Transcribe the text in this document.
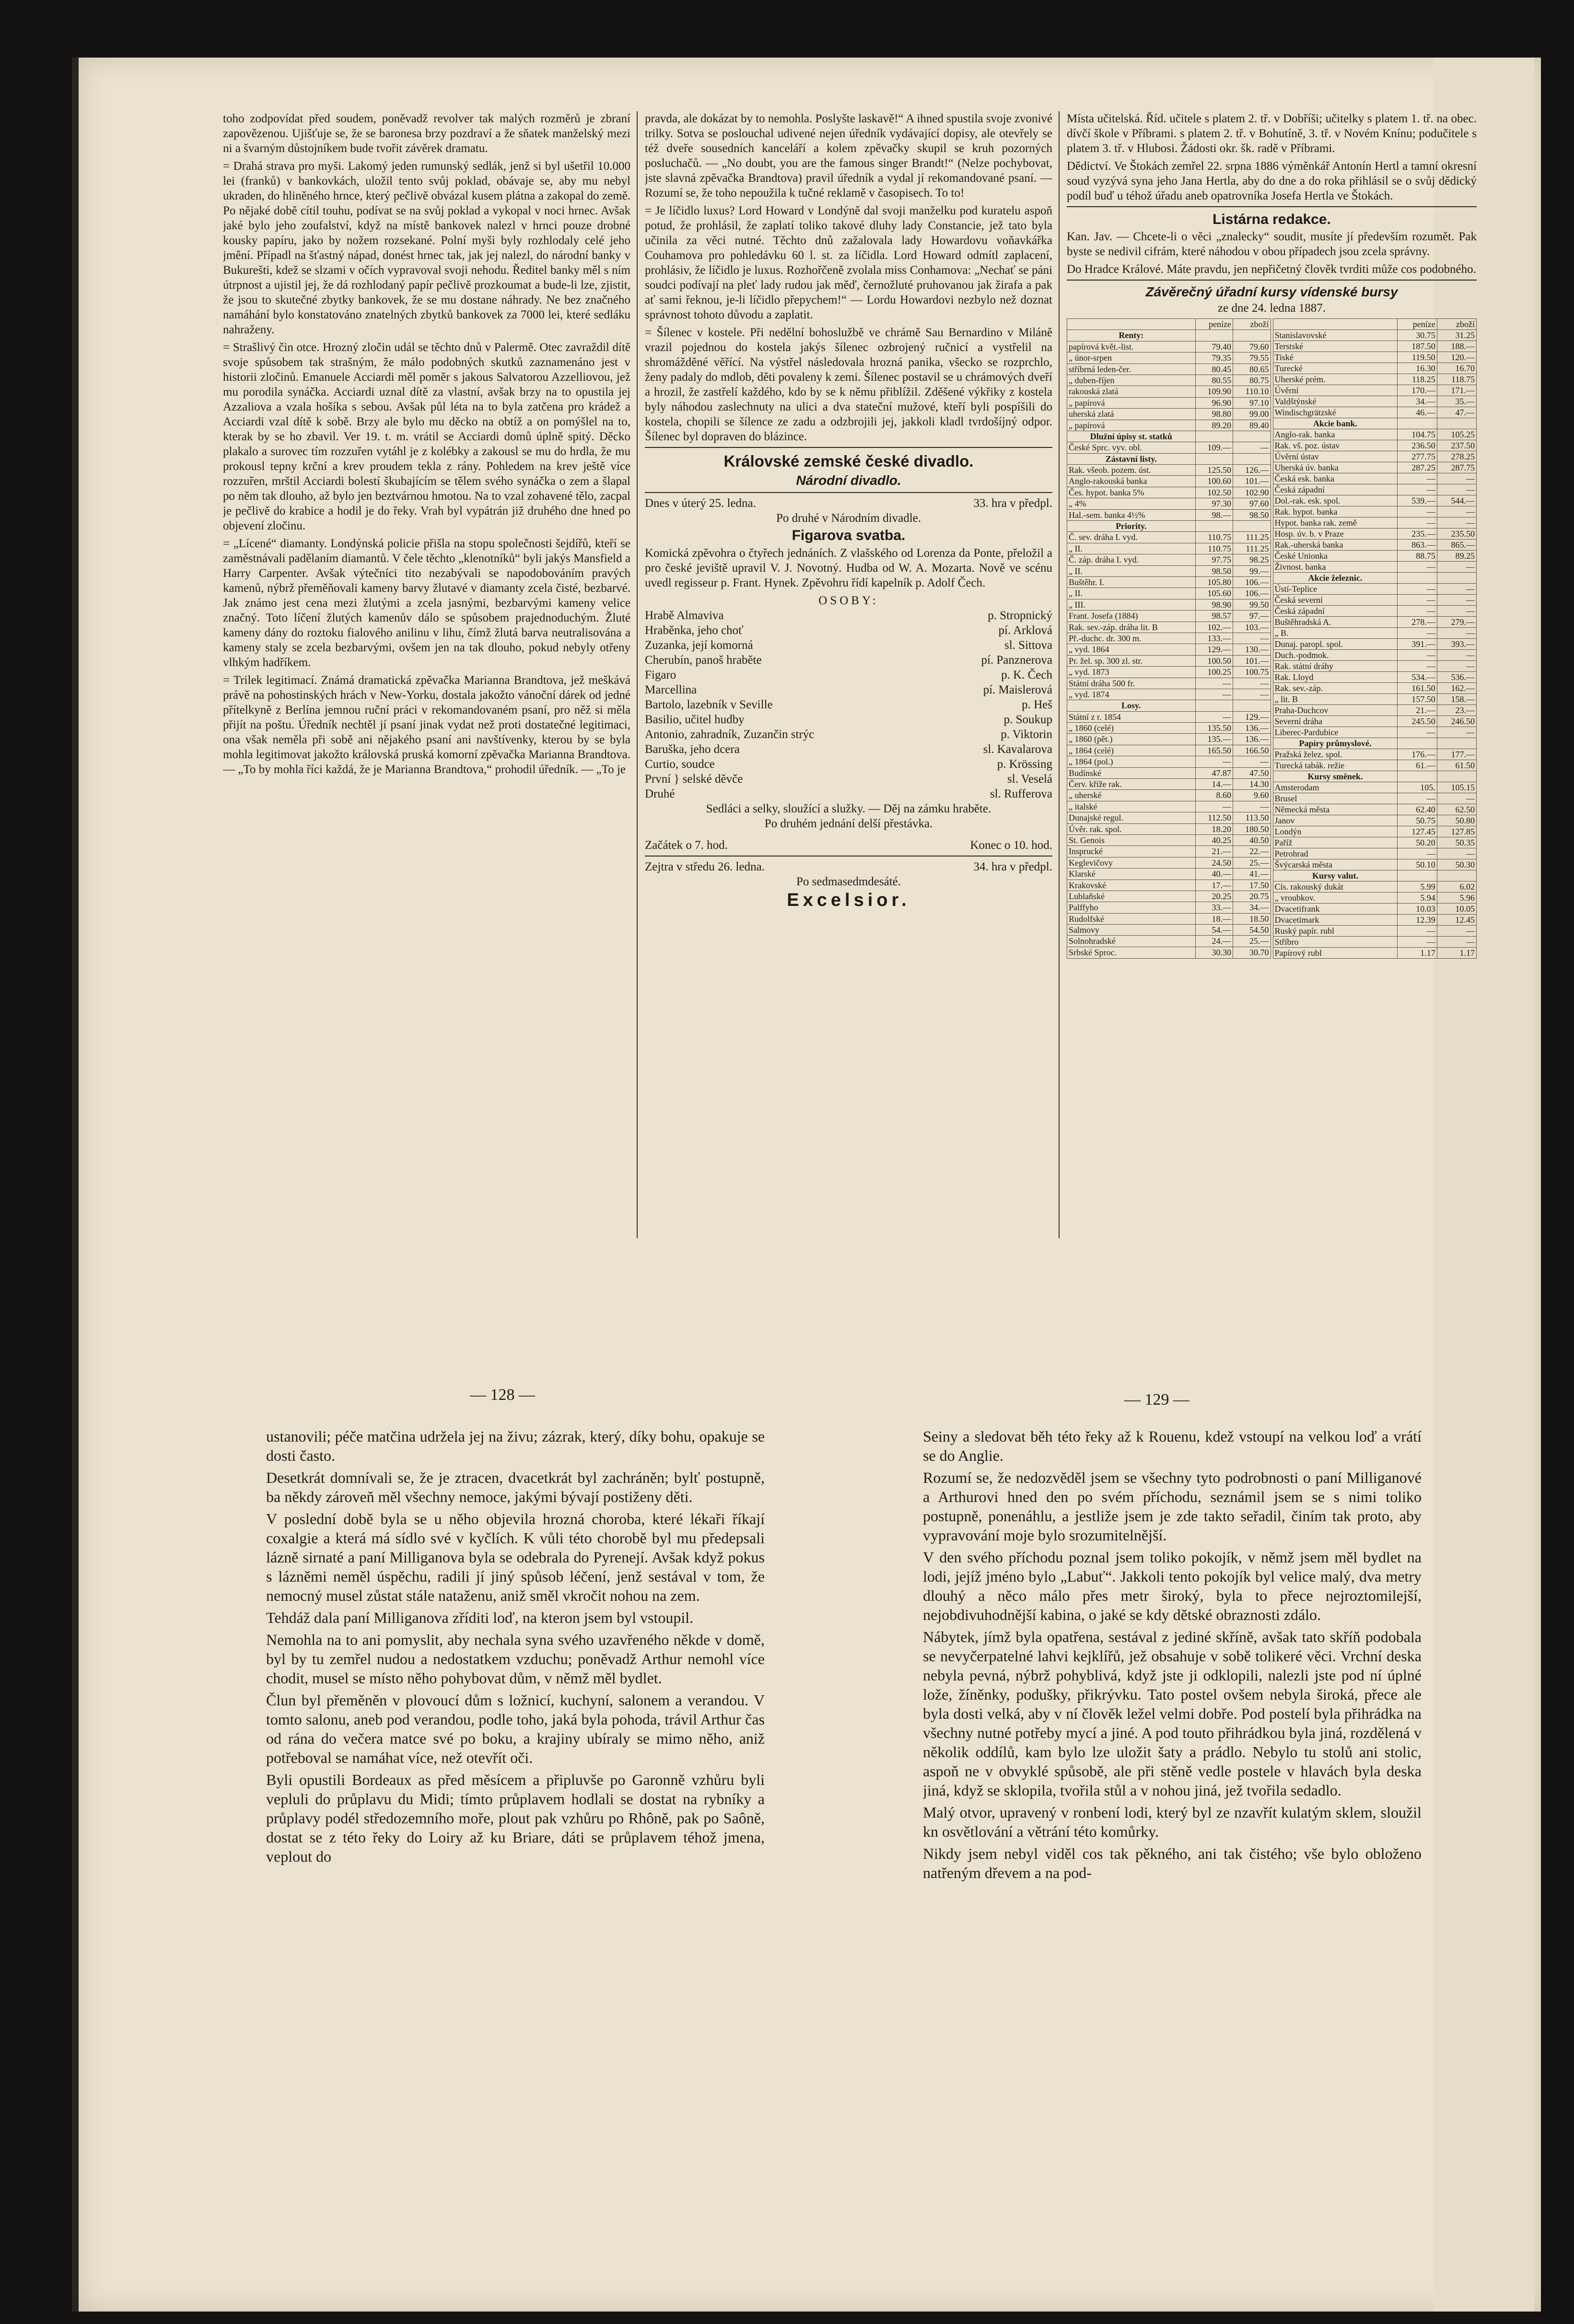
toho zodpovídat před soudem, poněvadž revolver tak malých rozměrů je zbraní zapovězenou. Ujišťuje se, že se baronesa brzy pozdraví a že sňatek manželský mezi ni a švarným důstojníkem bude tvořit závěrek dramatu.

= Drahá strava pro myši. Lakomý jeden rumunský sedlák, jenž si byl ušetřil 10.000 lei (franků) v bankovkách, uložil tento svůj poklad, obávaje se, aby mu nebyl ukraden, do hliněného hrnce, který pečlivě obvázal kusem plátna a zakopal do země. Po nějaké době cítil touhu, podívat se na svůj poklad a vykopal v noci hrnec. Avšak jaké bylo jeho zoufalství, když na místě bankovek nalezl v hrnci pouze drobné kousky papíru, jako by nožem rozsekané. Polní myši byly rozhlodaly celé jeho jmění. Případl na šťastný nápad, donést hrnec tak, jak jej nalezl, do národní banky v Bukurešti, kdež se slzami v očích vypravoval svoji nehodu. Ředitel banky měl s ním útrpnost a ujistil jej, že dá rozhlodaný papír pečlivě prozkoumat a bude-li lze, zjistit, že jsou to skutečné zbytky bankovek, že se mu dostane náhrady. Ne bez značného namáhání bylo konstatováno znatelných zbytků bankovek za 7000 lei, které sedláku nahraženy.

= Strašlivý čin otce. Hrozný zločin udál se těchto dnů v Palermě. Otec zavraždil dítě svoje spůsobem tak strašným, že málo podobných skutků zaznamenáno jest v historii zločinů. Emanuele Acciardi měl poměr s jakous Salvatorou Azzelliovou, jež mu porodila synáčka. Acciardi uznal dítě za vlastní, avšak brzy na to opustila jej Azzaliova a vzala hošíka s sebou. Avšak půl léta na to byla zatčena pro krádež a Acciardi vzal dítě k sobě. Brzy ale bylo mu děcko na obtíž a on pomýšlel na to, kterak by se ho zbavil. Ver 19. t. m. vrátil se Acciardi domů úplně spitý. Děcko plakalo a surovec tím rozzuřen vytáhl je z kolébky a zakousl se mu do hrdla, že mu prokousl tepny krční a krev proudem tekla z rány. Pohledem na krev ještě více rozzuřen, mrštil Acciardi bolestí škubajícím se tělem svého synáčka o zem a šlapal po něm tak dlouho, až bylo jen beztvárnou hmotou. Na to vzal zohavené tělo, zacpal je pečlivě do krabice a hodil je do řeky. Vrah byl vypátrán již druhého dne hned po objevení zločinu.

= „Lícené“ diamanty. Londýnská policie přišla na stopu společnosti šejdířů, kteří se zaměstnávali padělaním diamantů. V čele těchto „klenotníků“ byli jakýs Mansfield a Harry Carpenter. Avšak výtečníci tito nezabývali se napodobováním pravých kamenů, nýbrž přeměňovali kameny barvy žlutavé v diamanty zcela čisté, bezbarvé. Jak známo jest cena mezi žlutými a zcela jasnými, bezbarvými kameny velice značný. Toto líčení žlutých kamenův dálo se spůsobem prajednoduchým. Žluté kameny dány do roztoku fialového anilinu v lihu, čímž žlutá barva neutralisována a kameny staly se zcela bezbarvými, ovšem jen na tak dlouho, pokud nebyly otřeny vlhkým hadříkem.

= Trilek legitimací. Známá dramatická zpěvačka Marianna Brandtova, jež meškává právě na pohostinských hrách v New-Yorku, dostala jakožto vánoční dárek od jedné přítelkyně z Berlína jemnou ruční práci v rekomandovaném psaní, pro něž si měla přijít na poštu. Úředník nechtěl jí psaní jinak vydat než proti dostatečné legitimaci, ona však neměla při sobě ani nějakého psaní ani navštívenky, kterou by se byla mohla legitimovat jakožto královská pruská komorní zpěvačka Marianna Brandtova. — „To by mohla říci každá, že je Marianna Brandtova,“ prohodil úředník. — „To je

pravda, ale dokázat by to nemohla. Poslyšte laskavě!“ A ihned spustila svoje zvonivé trilky. Sotva se poslouchal udivené nejen úředník vydávající dopisy, ale otevřely se též dveře sousedních kanceláří a kolem zpěvačky skupil se kruh pozorných posluchačů. — „No doubt, you are the famous singer Brandt!“ (Nelze pochybovat, jste slavná zpěvačka Brandtova) pravil úředník a vydal jí rekomandované psaní. — Rozumí se, že toho nepoužila k tučné reklamě v časopisech. To to!

= Je líčidlo luxus? Lord Howard v Londýně dal svoji manželku pod kuratelu aspoň potud, že prohlásil, že zaplatí toliko takové dluhy lady Constancie, jež tato byla učinila za věci nutné. Těchto dnů zažalovala lady Howardovu voňavkářka Couhamova pro pohledávku 60 l. st. za líčidla. Lord Howard odmítl zaplacení, prohlásiv, že líčidlo je luxus. Rozhořčeně zvolala miss Conhamova: „Nechať se páni soudci podívají na pleť lady rudou jak měď, černožluté pruhovanou jak žirafa a pak ať sami řeknou, je-li líčidlo přepychem!“ — Lordu Howardovi nezbylo než doznat správnost tohoto důvodu a zaplatit.

= Šílenec v kostele. Při nedělní bohoslužbě ve chrámě Sau Bernardino v Miláně vrazil pojednou do kostela jakýs šílenec ozbrojený ručnicí a vystřelil na shromážděné věřící. Na výstřel následovala hrozná panika, všecko se rozprchlo, ženy padaly do mdlob, děti povaleny k zemi. Šílenec postavil se u chrámových dveří a hrozil, že zastřelí každého, kdo by se k němu přiblížil. Zděšené výkřiky z kostela byly náhodou zaslechnuty na ulici a dva stateční mužové, kteří byli pospíšili do kostela, chopili se šílence ze zadu a odzbrojili jej, jakkoli kladl tvrdošíjný odpor. Šílenec byl dopraven do blázince.

Královské zemské české divadlo.
Národní divadlo.
Dnes v úterý 25. ledna.	33. hra v předpl.
Po druhé v Národním divadle.
Figarova svatba.

Komická zpěvohra o čtyřech jednáních. Z vlašského od Lorenza da Ponte, přeložil a pro české jeviště upravil V. J. Novotný. Hudba od W. A. Mozarta. Nově ve scénu uvedl regisseur p. Frant. Hynek. Zpěvohru řídí kapelník p. Adolf Čech.

OSOBY:
Hrabě Almaviva	p. Stropnický
Hraběnka, jeho choť	pí. Arklová
Zuzanka, její komorná	sl. Sittova
Cherubín, panoš hraběte	pí. Panznerova
Figaro	p. K. Čech
Marcellina	pí. Maislerová
Bartolo, lazebník v Seville	p. Heš
Basilio, učitel hudby	p. Soukup
Antonio, zahradník, Zuzančin strýc	p. Viktorin
Baruška, jeho dcera	sl. Kavalarova
Curtio, soudce	p. Krössing
První } selské děvče	sl. Veselá
Druhé	sl. Rufferova
Sedláci a selky, sloužící a služky. — Děj na zámku hraběte.
Po druhém jednání delší přestávka.
Začátek o 7. hod.	Konec o 10. hod.
Zejtra v středu 26. ledna.	34. hra v předpl.
Po sedmasedmdesáté.
Excelsior.

Místa učitelská. Říd. učitele s platem 2. tř. v Dobříši; učitelky s platem 1. tř. na obec. dívčí škole v Příbrami. s platem 2. tř. v Bohutíně, 3. tř. v Novém Knínu; podučitele s platem 3. tř. v Hlubosi. Žádosti okr. šk. radě v Příbrami.

Dědictví. Ve Štokách zemřel 22. srpna 1886 výměnkář Antonín Hertl a tamní okresní soud vyzývá syna jeho Jana Hertla, aby do dne a do roka přihlásil se o svůj dědický podíl buď u téhož úřadu aneb opatrovníka Josefa Hertla ve Štokách.

Listárna redakce.

Kan. Jav. — Chcete-li o věci „znalecky“ soudit, musíte jí především rozumět. Pak byste se nedivil cifrám, které náhodou v obou případech jsou zcela správny.

Do Hradce Králové. Máte pravdu, jen nepřičetný člověk tvrditi může cos podobného.

Závěrečný úřadní kursy vídenské bursy
ze dne 24. ledna 1887.
	peníze	zboží
Renty:		
papírová květ.-list.	79.40	79.60
„ únor-srpen	79.35	79.55
stříbrná leden-čer.	80.45	80.65
„ duben-říjen	80.55	80.75
rakouská zlatá	109.90	110.10
„ papírová	96.90	97.10
uherská zlatá	98.80	99.00
„ papírová	89.20	89.40
Dlužní úpisy st. statků		
České Sprc. vyv. obl.	109.—	—
Zástavní listy.		
Rak. všeob. pozem. úst.	125.50	126.—
Anglo-rakouská banka	100.60	101.—
Čes. hypot. banka 5%	102.50	102.90
„ 4%	97.30	97.60
Hal.-sem. banka 4½%	98.—	98.50
Priority.		
Č. sev. dráha I. vyd.	110.75	111.25
„ II.	110.75	111.25
Č. záp. dráha I. vyd.	97.75	98.25
„ II.	98.50	99.—
Buštěhr. I.	105.80	106.—
„ II.	105.60	106.—
„ III.	98.90	99.50
Frant. Josefa (1884)	98.57	97.—
Rak. sev.-záp. dráha lit. B	102.—	103.—
Př.-duchc. dr. 300 m.	133.—	—
„ vyd. 1864	129.—	130.—
Pr. žel. sp. 300 zl. str.	100.50	101.—
„ vyd. 1873	100.25	100.75
Státní dráha 500 fr.	—	—
„ vyd. 1874	—	—
Losy.		
Státní z r. 1854	—	129.—
„ 1860 (celé)	135.50	136.—
„ 1860 (pět.)	135.—	136.—
„ 1864 (celé)	165.50	166.50
„ 1864 (pol.)	—	—
Budínské	47.87	47.50
Červ. kříže rak.	14.—	14.30
„ uherské	8.60	9.60
„ italské	—	—
Dunajské regul.	112.50	113.50
Úvěr. rak. spol.	18.20	180.50
St. Genois	40.25	40.50
Insprucké	21.—	22.—
Keglevičovy	24.50	25.—
Klarské	40.—	41.—
Krakovské	17.—	17.50
Lublaňské	20.25	20.75
Palffyho	33.—	34.—
Rudolfské	18.—	18.50
Salmovy	54.—	54.50
Solnohradské	24.—	25.—
Srbské Sproc.	30.30	30.70
	peníze	zboží
Stanislavovské	30.75	31.25
Terstské	187.50	188.—
Tiské	119.50	120.—
Turecké	16.30	16.70
Uherské prém.	118.25	118.75
Úvěrní	170.—	171.—
Valdštýnské	34.—	35.—
Windischgrätzské	46.—	47.—
Akcie bank.		
Anglo-rak. banka	104.75	105.25
Rak. vš. poz. ústav	236.50	237.50
Úvěrní ústav	277.75	278.25
Uherská úv. banka	287.25	287.75
Česká esk. banka	—	—
Česká západní	—	—
Dol.-rak. esk. spol.	539.—	544.—
Rak. hypot. banka	—	—
Hypot. banka rak. země	—	—
Hosp. úv. b. v Praze	235.—	235.50
Rak.-uherská banka	863.—	865.—
České Unionka	88.75	89.25
Živnost. banka	—	—
Akcie železnic.		
Ústí-Teplice	—	—
Česká severní	—	—
Česká západní	—	—
Buštěhradská A.	278.—	279.—
„ B.	—	—
Dunaj. paropl. spol.	391.—	393.—
Duch.-podmok.	—	—
Rak. státní dráhy	—	—
Rak. Lloyd	534.—	536.—
Rak. sev.-záp.	161.50	162.—
„ lit. B	157.50	158.—
Praha-Duchcov	21.—	23.—
Severní dráha	245.50	246.50
Liberec-Pardubice	—	—
Papíry průmyslové.		
Pražská želez. spol.	176.—	177.—
Turecká tabák. režie	61.—	61.50
Kursy směnek.		
Amsterodam	105.	105.15
Brusel	—	—
Německá města	62.40	62.50
Janov	50.75	50.80
Londýn	127.45	127.85
Paříž	50.20	50.35
Petrohrad	—	—
Švýcarská města	50.10	50.30
Kursy valut.		
Cís. rakouský dukát	5.99	6.02
„ vroubkov.	5.94	5.96
Dvacetifrank	10.03	10.05
Dvacetimark	12.39	12.45
Ruský papír. rubl	—	—
Stříbro	—	—
Papírový rubl	1.17	1.17
— 128 —	— 129 —

ustanovili; péče matčina udržela jej na živu; zázrak, který, díky bohu, opakuje se dosti často.

Desetkrát domnívali se, že je ztracen, dvacetkrát byl zachráněn; bylť postupně, ba někdy zároveň měl všechny nemoce, jakými bývají postiženy děti.

V poslední době byla se u něho objevila hrozná choroba, které lékaři říkají coxalgie a která má sídlo své v kyčlích. K vůli této chorobě byl mu předepsali lázně sirnaté a paní Milliganova byla se odebrala do Pyrenejí. Avšak když pokus s lázněmi neměl úspěchu, radili jí jiný spůsob léčení, jenž sestával v tom, že nemocný musel zůstat stále nataženu, aniž směl vkročit nohou na zem.

Tehdáž dala paní Milliganova zříditi loď, na kteron jsem byl vstoupil.

Nemohla na to ani pomyslit, aby nechala syna svého uzavřeného někde v domě, byl by tu zemřel nudou a nedostatkem vzduchu; poněvadž Arthur nemohl více chodit, musel se místo něho pohybovat dům, v němž měl bydlet.

Člun byl přeměněn v plovoucí dům s ložnicí, kuchyní, salonem a verandou. V tomto salonu, aneb pod verandou, podle toho, jaká byla pohoda, trávil Arthur čas od rána do večera matce své po boku, a krajiny ubíraly se mimo něho, aniž potřeboval se namáhat více, než otevřít oči.

Byli opustili Bordeaux as před měsícem a připluvše po Garonně vzhůru byli vepluli do průplavu du Midi; tímto průplavem hodlali se dostat na rybníky a průplavy podél středozemního moře, plout pak vzhůru po Rhôně, pak po Saôně, dostat se z této řeky do Loiry až ku Briare, dáti se průplavem téhož jmena, veplout do

Seiny a sledovat běh této řeky až k Rouenu, kdež vstoupí na velkou loď a vrátí se do Anglie.

Rozumí se, že nedozvěděl jsem se všechny tyto podrobnosti o paní Milliganové a Arthurovi hned den po svém příchodu, seznámil jsem se s nimi toliko postupně, ponenáhlu, a jestliže jsem je zde takto seřadil, činím tak proto, aby vypravování moje bylo srozumitelnější.

V den svého příchodu poznal jsem toliko pokojík, v němž jsem měl bydlet na lodi, jejíž jméno bylo „Labuť“. Jakkoli tento pokojík byl velice malý, dva metry dlouhý a něco málo přes metr široký, byla to přece nejroztomilejší, nejobdivuhodnější kabina, o jaké se kdy dětské obraznosti zdálo.

Nábytek, jímž byla opatřena, sestával z jediné skříně, avšak tato skříň podobala se nevyčerpatelné lahvi kejklířů, jež obsahuje v sobě tolikeré věci. Vrchní deska nebyla pevná, nýbrž pohyblivá, když jste ji odklopili, nalezli jste pod ní úplné lože, žíněnky, podušky, přikrývku. Tato postel ovšem nebyla široká, přece ale byla dosti velká, aby v ní člověk ležel velmi dobře. Pod postelí byla přihrádka na všechny nutné potřeby mycí a jiné. A pod touto přihrádkou byla jiná, rozdělená v několik oddílů, kam bylo lze uložit šaty a prádlo. Nebylo tu stolů ani stolic, aspoň ne v obvyklé spůsobě, ale při stěně vedle postele v hlavách byla deska jiná, když se sklopila, tvořila stůl a v nohou jiná, jež tvořila sedadlo.

Malý otvor, upravený v ronbení lodi, který byl ze nzavřít kulatým sklem, sloužil kn osvětlování a větrání této komůrky.

Nikdy jsem nebyl viděl cos tak pěkného, ani tak čistého; vše bylo obloženo natřeným dřevem a na pod-
